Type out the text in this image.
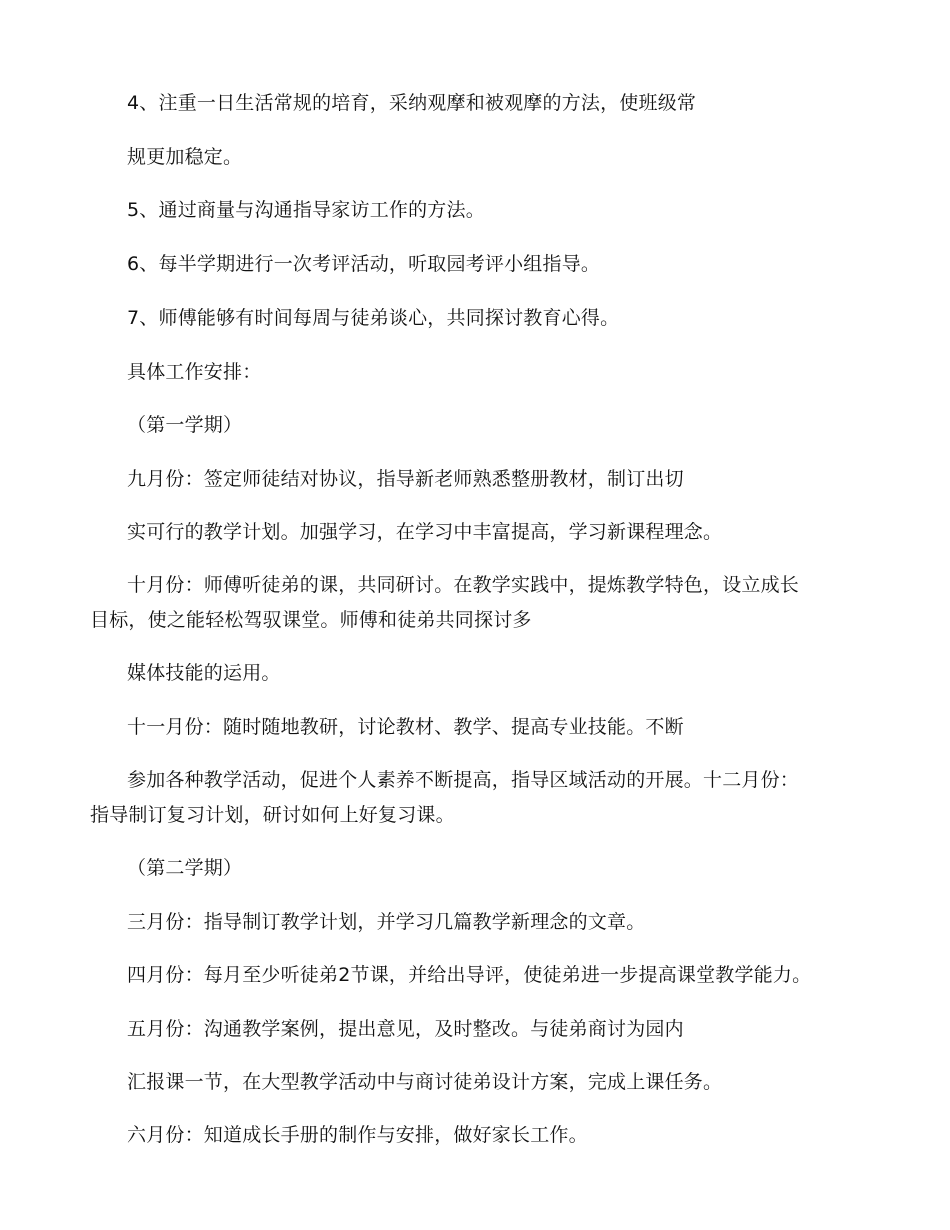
4、注重一日生活常规的培育，采纳观摩和被观摩的方法，使班级常
规更加稳定。
5、通过商量与沟通指导家访工作的方法。
6、每半学期进行一次考评活动，听取园考评小组指导。
7、师傅能够有时间每周与徒弟谈心，共同探讨教育心得。
具体工作安排：
（第一学期）
九月份：签定师徒结对协议，指导新老师熟悉整册教材，制订出切
实可行的教学计划。加强学习，在学习中丰富提高，学习新课程理念。
十月份：师傅听徒弟的课，共同研讨。在教学实践中，提炼教学特色，设立成长
目标，使之能轻松驾驭课堂。师傅和徒弟共同探讨多
媒体技能的运用。
十一月份：随时随地教研，讨论教材、教学、提高专业技能。不断
参加各种教学活动，促进个人素养不断提高，指导区域活动的开展。十二月份：
指导制订复习计划，研讨如何上好复习课。
（第二学期）
三月份：指导制订教学计划，并学习几篇教学新理念的文章。
四月份：每月至少听徒弟2节课，并给出导评，使徒弟进一步提高课堂教学能力。
五月份：沟通教学案例，提出意见，及时整改。与徒弟商讨为园内
汇报课一节，在大型教学活动中与商讨徒弟设计方案，完成上课任务。
六月份：知道成长手册的制作与安排，做好家长工作。
